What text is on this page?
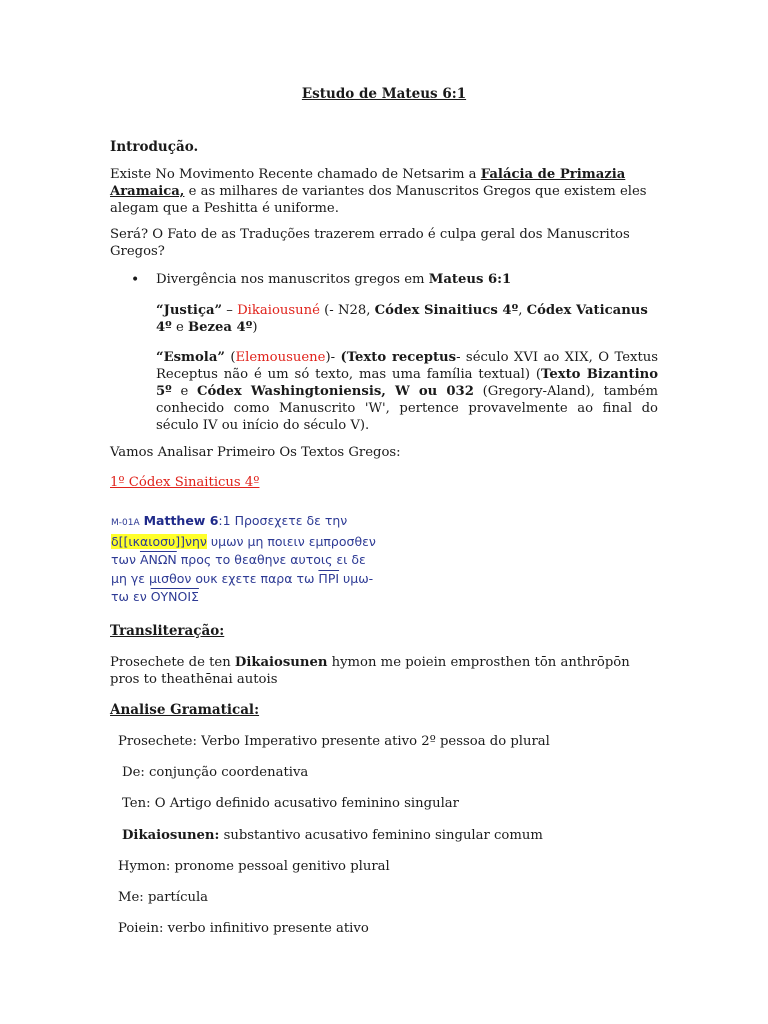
Estudo de Mateus 6:1

Introdução.

Existe No Movimento Recente chamado de Netsarim a Falácia de Primazia Aramaica, e as milhares de variantes dos Manuscritos Gregos que existem eles alegam que a Peshitta é uniforme.

Será? O Fato de as Traduções trazerem errado é culpa geral dos Manuscritos Gregos?

• Divergência nos manuscritos gregos em Mateus 6:1

“Justiça” – Dikaiousuné (- N28, Códex Sinaitiucs 4º, Códex Vaticanus 4º e Bezea 4º)

“Esmola” (Elemousuene)- (Texto receptus- século XVI ao XIX, O Textus Receptus não é um só texto, mas uma família textual) (Texto Bizantino 5º e Códex Washingtoniensis, W ou 032 (Gregory-Aland), também conhecido como Manuscrito 'W', pertence provavelmente ao final do século IV ou início do século V).

Vamos Analisar Primeiro Os Textos Gregos:

1º Códex Sinaiticus 4º

M-01A Matthew 6:1 Προσεχετε δε την
δ[[ικαιοσυ]]νην υμων μη ποιειν εμπροσθεν
των ΑΝΩΝ προς το θεαθηνε αυτοις ει δε
μη γε μισθον ουκ εχετε παρα τω $\overline{\Pi PI}$ υμω-
τω εν ΟΥΝΟΙΣ

Transliteração:

Prosechete de ten Dikaiosunen hymon me poiein emprosthen tōn anthrōpōn pros to theathēnai autois

Analise Gramatical:

Prosechete: Verbo Imperativo presente ativo 2º pessoa do plural

De: conjunção coordenativa

Ten: O Artigo definido acusativo feminino singular

Dikaiosunen: substantivo acusativo feminino singular comum

Hymon: pronome pessoal genitivo plural

Me: partícula

Poiein: verbo infinitivo presente ativo
